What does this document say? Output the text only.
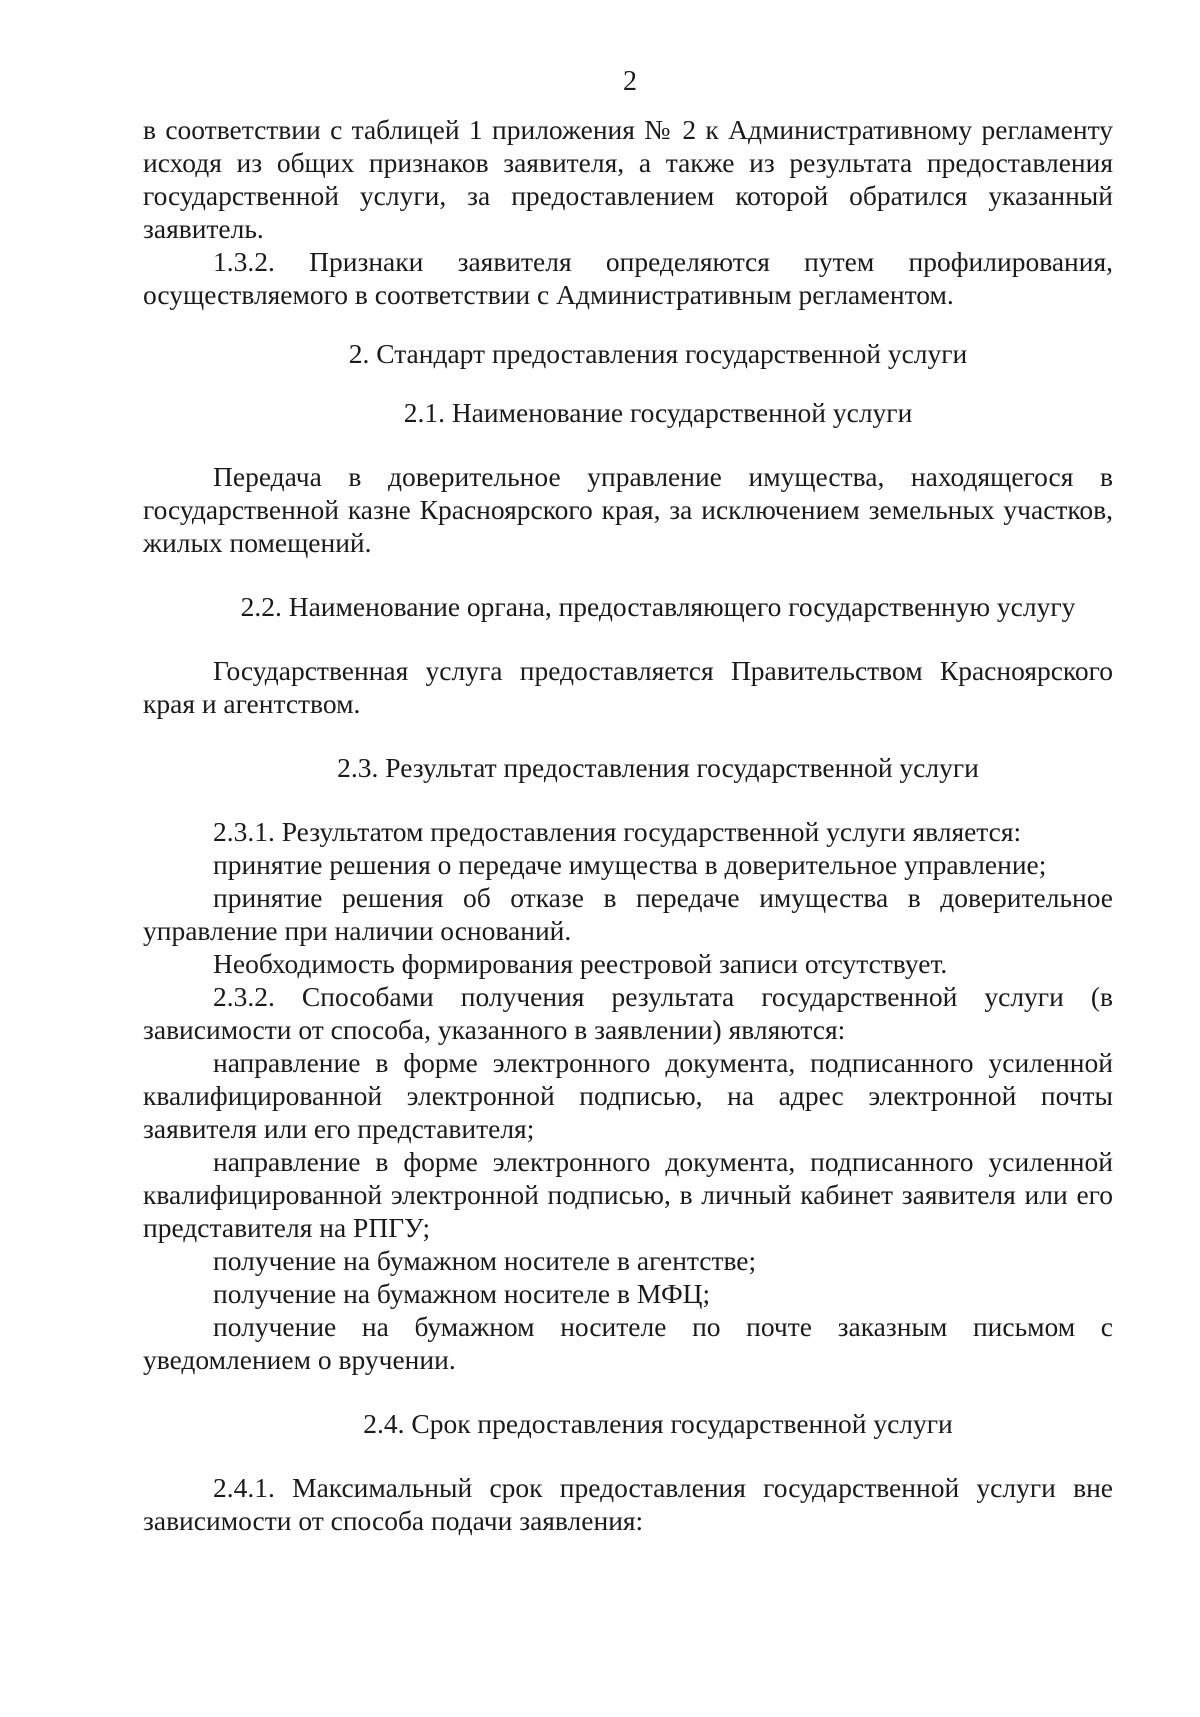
2

в соответствии с таблицей 1 приложения № 2 к Административному регламенту исходя из общих признаков заявителя, а также из результата предоставления государственной услуги, за предоставлением которой обратился указанный заявитель.

1.3.2. Признаки заявителя определяются путем профилирования, осуществляемого в соответствии с Административным регламентом.

2. Стандарт предоставления государственной услуги

2.1. Наименование государственной услуги

Передача в доверительное управление имущества, находящегося в государственной казне Красноярского края, за исключением земельных участков, жилых помещений.

2.2. Наименование органа, предоставляющего государственную услугу

Государственная услуга предоставляется Правительством Красноярского края и агентством.

2.3. Результат предоставления государственной услуги

2.3.1. Результатом предоставления государственной услуги является:

принятие решения о передаче имущества в доверительное управление;

принятие решения об отказе в передаче имущества в доверительное управление при наличии оснований.

Необходимость формирования реестровой записи отсутствует.

2.3.2. Способами получения результата государственной услуги (в зависимости от способа, указанного в заявлении) являются:

направление в форме электронного документа, подписанного усиленной квалифицированной электронной подписью, на адрес электронной почты заявителя или его представителя;

направление в форме электронного документа, подписанного усиленной квалифицированной электронной подписью, в личный кабинет заявителя или его представителя на РПГУ;

получение на бумажном носителе в агентстве;

получение на бумажном носителе в МФЦ;

получение на бумажном носителе по почте заказным письмом с уведомлением о вручении.

2.4. Срок предоставления государственной услуги

2.4.1. Максимальный срок предоставления государственной услуги вне зависимости от способа подачи заявления:
